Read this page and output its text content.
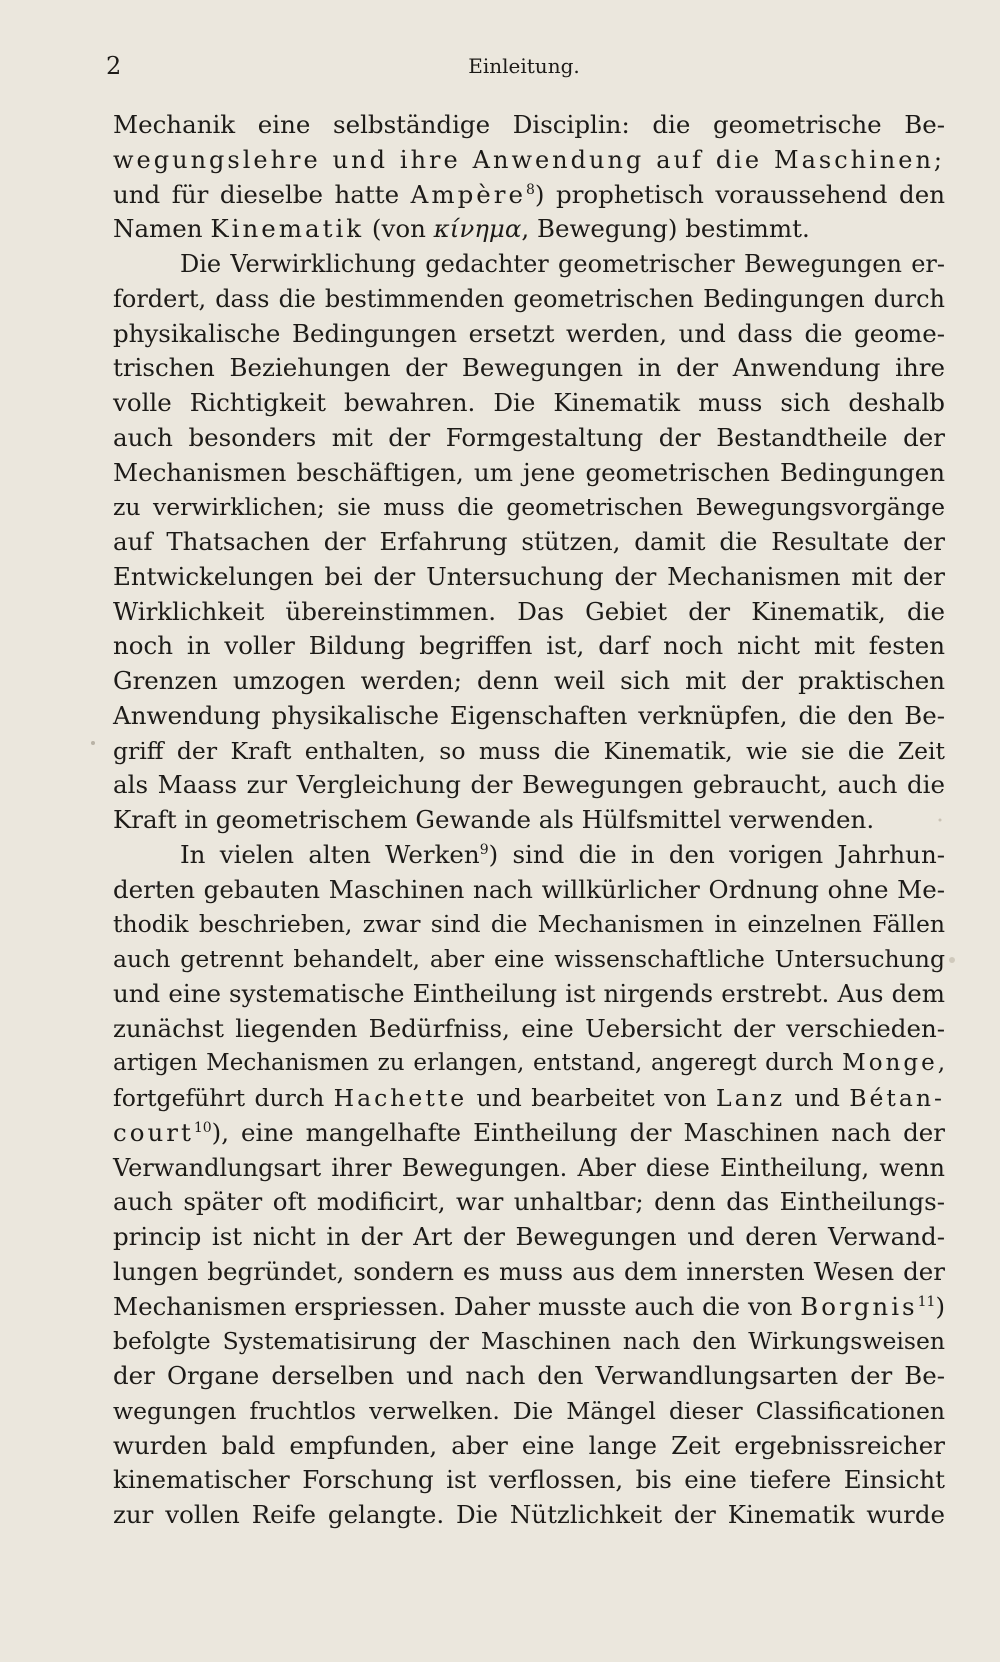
2	Einleitung.
Mechanik eine selbständige Disciplin: die geometrische Be-
wegungslehre und ihre Anwendung auf die Maschinen;
und für dieselbe hatte Ampère$^8$) prophetisch voraussehend den
Namen Kinematik (von κίνημα, Bewegung) bestimmt.
Die Verwirklichung gedachter geometrischer Bewegungen er-
fordert, dass die bestimmenden geometrischen Bedingungen durch
physikalische Bedingungen ersetzt werden, und dass die geome-
trischen Beziehungen der Bewegungen in der Anwendung ihre
volle Richtigkeit bewahren. Die Kinematik muss sich deshalb
auch besonders mit der Formgestaltung der Bestandtheile der
Mechanismen beschäftigen, um jene geometrischen Bedingungen
zu verwirklichen; sie muss die geometrischen Bewegungsvorgänge
auf Thatsachen der Erfahrung stützen, damit die Resultate der
Entwickelungen bei der Untersuchung der Mechanismen mit der
Wirklichkeit übereinstimmen. Das Gebiet der Kinematik, die
noch in voller Bildung begriffen ist, darf noch nicht mit festen
Grenzen umzogen werden; denn weil sich mit der praktischen
Anwendung physikalische Eigenschaften verknüpfen, die den Be-
griff der Kraft enthalten, so muss die Kinematik, wie sie die Zeit
als Maass zur Vergleichung der Bewegungen gebraucht, auch die
Kraft in geometrischem Gewande als Hülfsmittel verwenden.
In vielen alten Werken$^9$) sind die in den vorigen Jahrhun-
derten gebauten Maschinen nach willkürlicher Ordnung ohne Me-
thodik beschrieben, zwar sind die Mechanismen in einzelnen Fällen
auch getrennt behandelt, aber eine wissenschaftliche Untersuchung
und eine systematische Eintheilung ist nirgends erstrebt. Aus dem
zunächst liegenden Bedürfniss, eine Uebersicht der verschieden-
artigen Mechanismen zu erlangen, entstand, angeregt durch Monge,
fortgeführt durch Hachette und bearbeitet von Lanz und Bétan-
court$^{10}$), eine mangelhafte Eintheilung der Maschinen nach der
Verwandlungsart ihrer Bewegungen. Aber diese Eintheilung, wenn
auch später oft modificirt, war unhaltbar; denn das Eintheilungs-
princip ist nicht in der Art der Bewegungen und deren Verwand-
lungen begründet, sondern es muss aus dem innersten Wesen der
Mechanismen erspriessen. Daher musste auch die von Borgnis$^{11}$)
befolgte Systematisirung der Maschinen nach den Wirkungsweisen
der Organe derselben und nach den Verwandlungsarten der Be-
wegungen fruchtlos verwelken. Die Mängel dieser Classificationen
wurden bald empfunden, aber eine lange Zeit ergebnissreicher
kinematischer Forschung ist verflossen, bis eine tiefere Einsicht
zur vollen Reife gelangte. Die Nützlichkeit der Kinematik wurde
